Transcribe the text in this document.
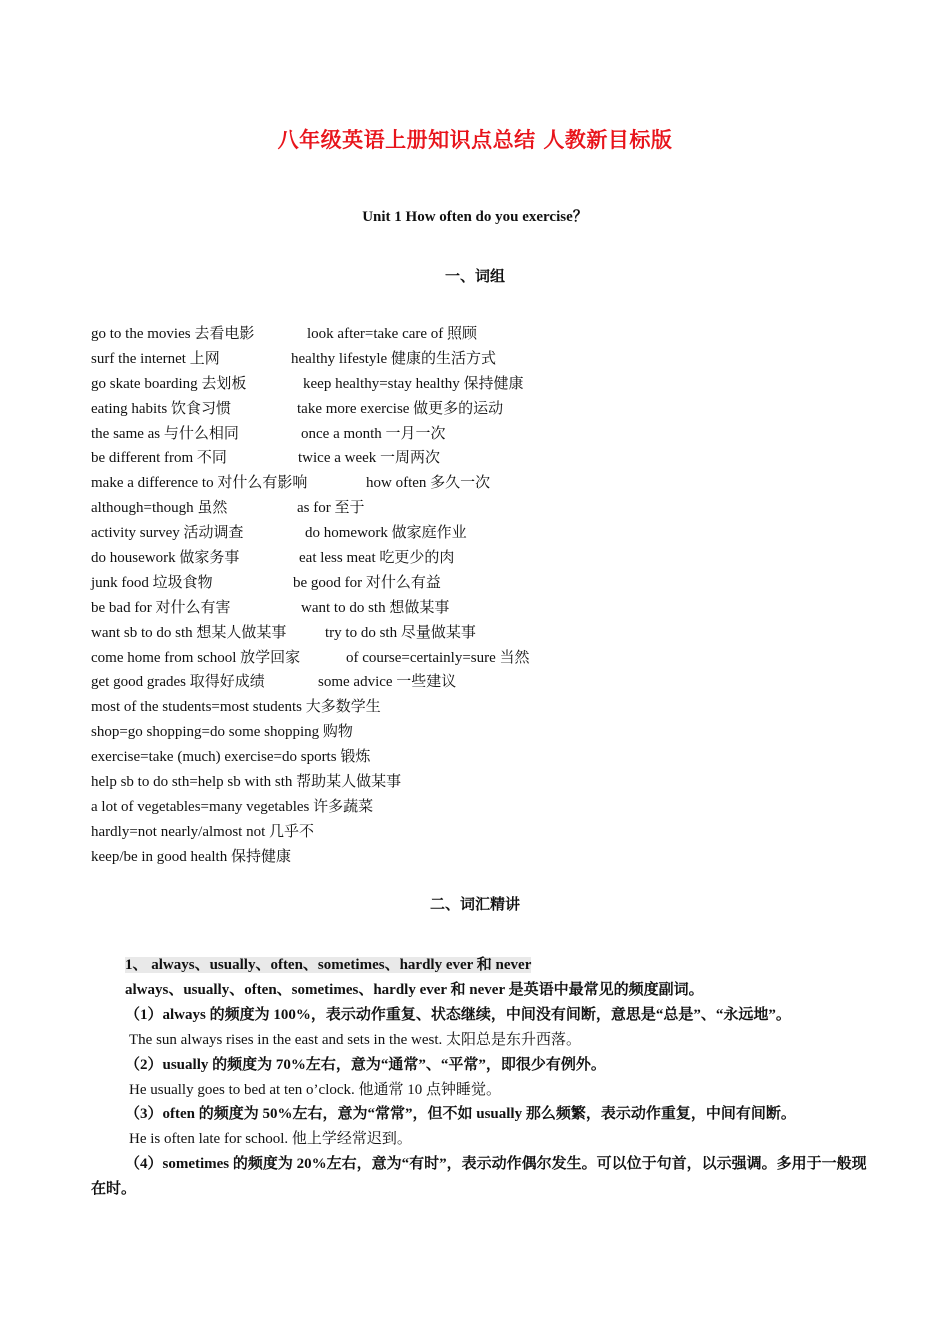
八年级英语上册知识点总结 人教新目标版
Unit 1 How often do you exercise？
一、词组
go to the movies 去看电影	look after=take care of 照顾
surf the internet 上网	healthy lifestyle 健康的生活方式
go skate boarding 去划板	keep healthy=stay healthy 保持健康
eating habits 饮食习惯	take more exercise 做更多的运动
the same as 与什么相同	once a month 一月一次
be different from 不同	twice a week 一周两次
make a difference to 对什么有影响	how often 多久一次
although=though 虽然	as for 至于
activity survey 活动调查	do homework 做家庭作业
do housework 做家务事	eat less meat 吃更少的肉
junk food 垃圾食物	be good for 对什么有益
be bad for 对什么有害	want to do sth 想做某事
want sb to do sth 想某人做某事	try to do sth 尽量做某事
come home from school 放学回家	of course=certainly=sure 当然
get good grades 取得好成绩	some advice 一些建议
most of the students=most students 大多数学生
shop=go shopping=do some shopping 购物
exercise=take (much) exercise=do sports 锻炼
help sb to do sth=help sb with sth 帮助某人做某事
a lot of vegetables=many vegetables 许多蔬菜
hardly=not nearly/almost not 几乎不
keep/be in good health 保持健康
二、词汇精讲
1、 always、usually、often、sometimes、hardly ever 和 never
always、usually、often、sometimes、hardly ever 和 never 是英语中最常见的频度副词。
（1）always 的频度为 100%，表示动作重复、状态继续，中间没有间断，意思是“总是”、“永远地”。
The sun always rises in the east and sets in the west. 太阳总是东升西落。
（2）usually 的频度为 70%左右，意为“通常”、“平常”，即很少有例外。
He usually goes to bed at ten o’clock. 他通常 10 点钟睡觉。
（3）often 的频度为 50%左右，意为“常常”，但不如 usually 那么频繁，表示动作重复，中间有间断。
He is often late for school. 他上学经常迟到。
（4）sometimes 的频度为 20%左右，意为“有时”，表示动作偶尔发生。可以位于句首，以示强调。多用于一般现在时。
